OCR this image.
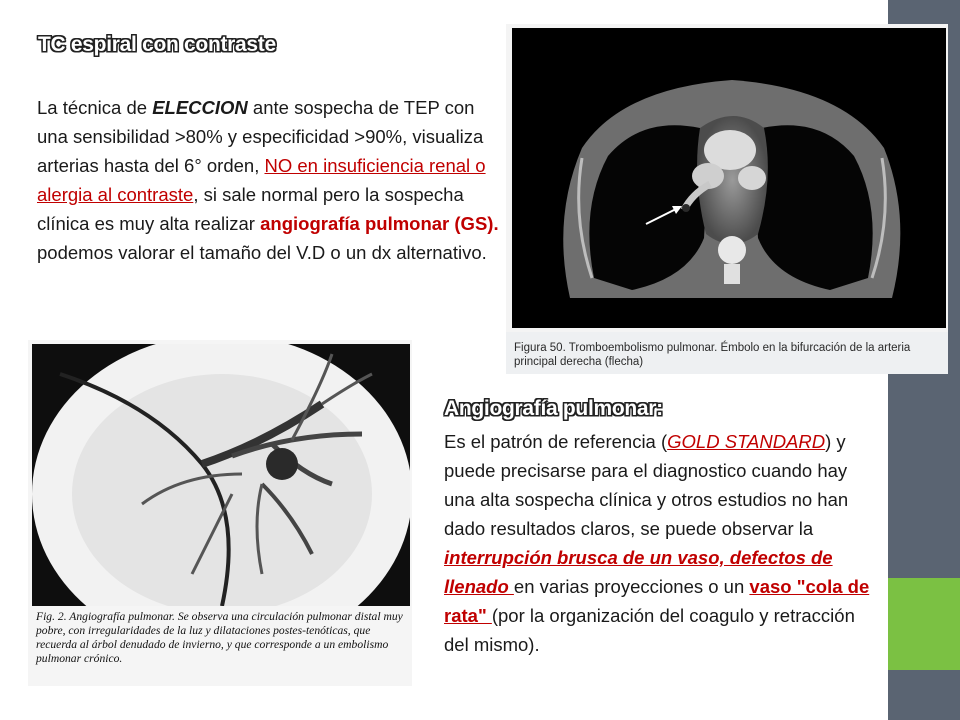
TC espiral con contraste
La técnica de ELECCION ante sospecha de TEP con una sensibilidad >80% y especificidad >90%, visualiza arterias hasta del 6° orden, NO en insuficiencia renal o alergia al contraste, si sale normal pero la sospecha clínica es muy alta realizar angiografía pulmonar (GS). podemos valorar el tamaño del V.D o un dx alternativo.
Figura 50. Tromboembolismo pulmonar. Émbolo en la bifurcación de la arteria principal derecha (flecha)
Fig. 2. Angiografía pulmonar. Se observa una circulación pulmonar distal muy pobre, con irregularidades de la luz y dilataciones postes-tenóticas, que recuerda al árbol denudado de invierno, y que corresponde a un embolismo pulmonar crónico.
Angiografía pulmonar:
Es el patrón de referencia (GOLD STANDARD) y puede precisarse para el diagnostico cuando hay una alta sospecha clínica y otros estudios no han dado resultados claros, se puede observar la interrupción brusca de un vaso, defectos de llenado en varias proyecciones o un vaso "cola de rata" (por la organización del coagulo y retracción del mismo).
